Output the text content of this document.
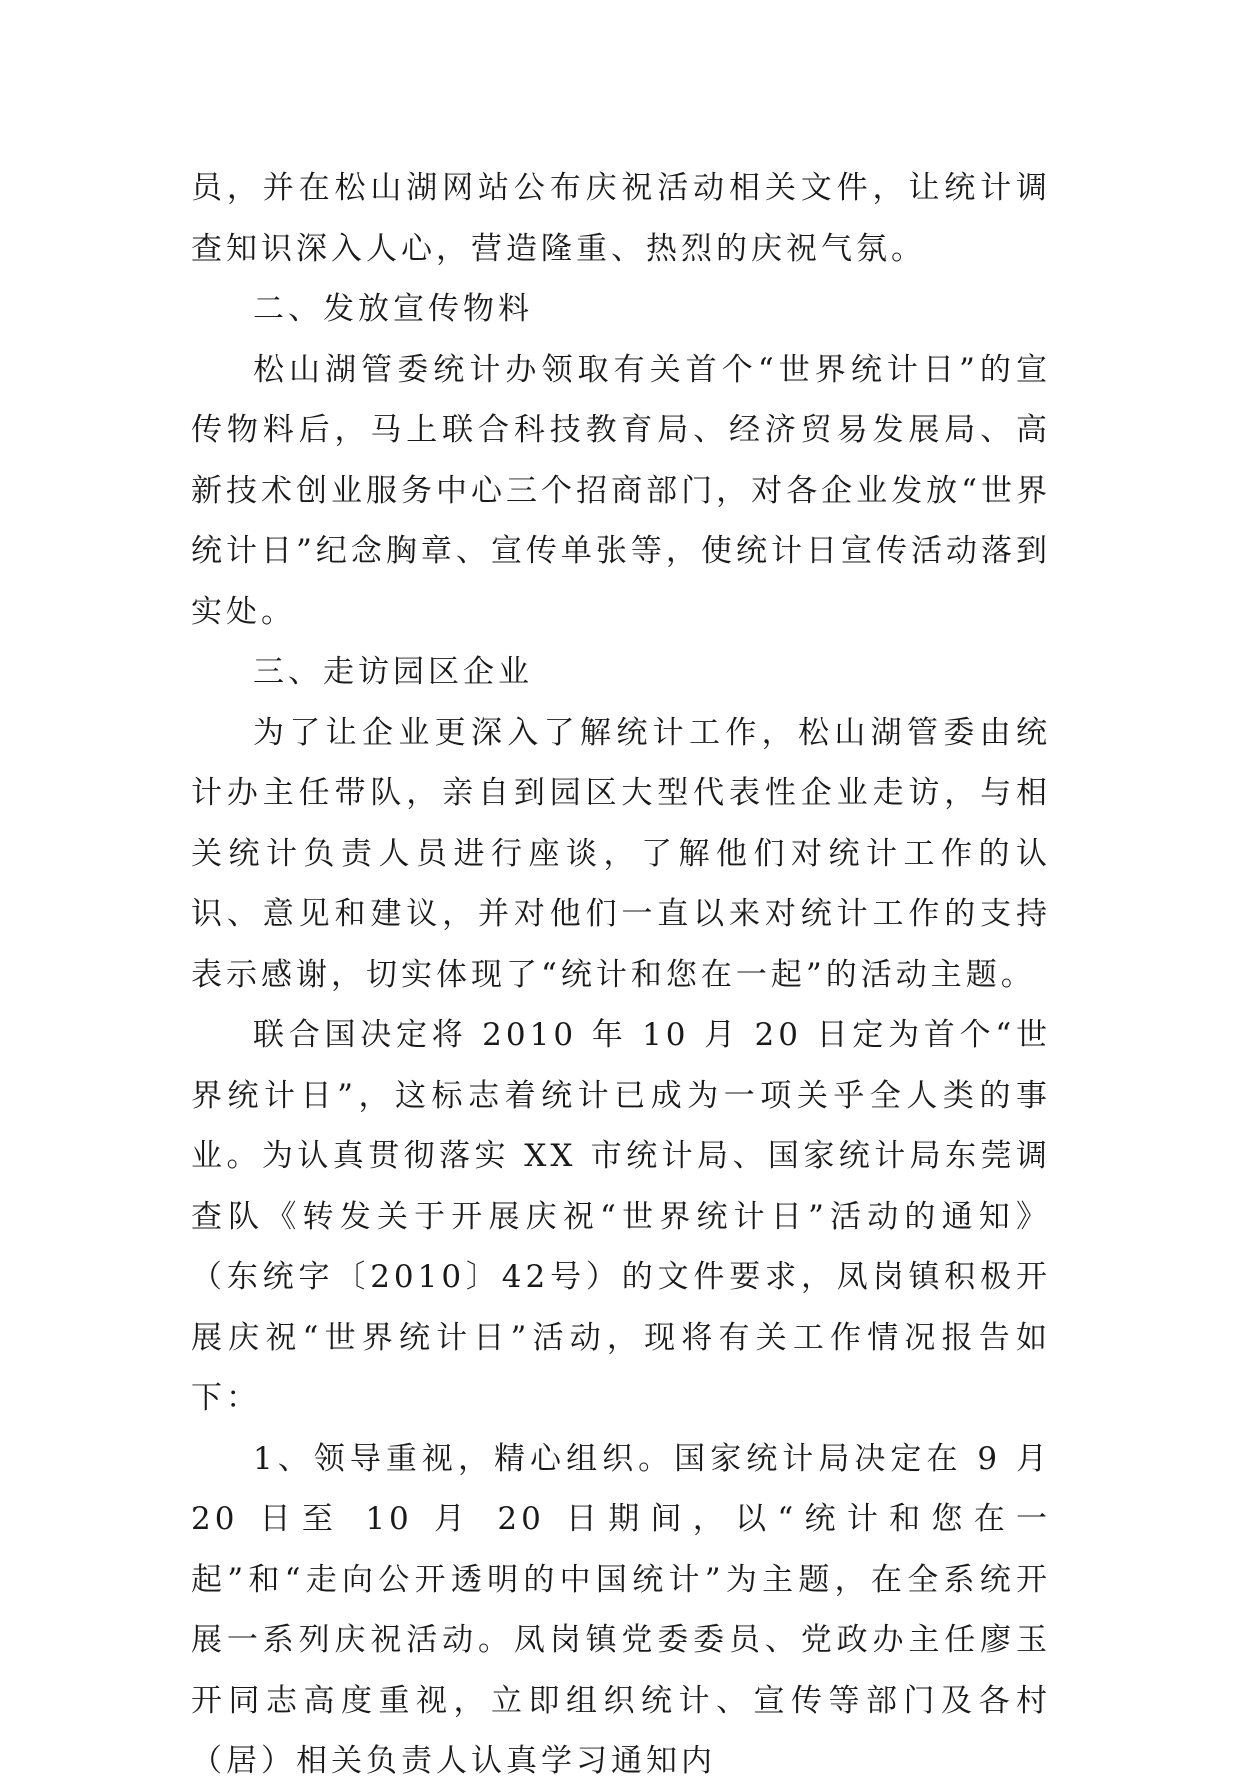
员，并在松山湖网站公布庆祝活动相关文件，让统计调查知识深入人心，营造隆重、热烈的庆祝气氛。

二、发放宣传物料

松山湖管委统计办领取有关首个“世界统计日”的宣传物料后，马上联合科技教育局、经济贸易发展局、高新技术创业服务中心三个招商部门，对各企业发放“世界统计日”纪念胸章、宣传单张等，使统计日宣传活动落到实处。

三、走访园区企业

为了让企业更深入了解统计工作，松山湖管委由统计办主任带队，亲自到园区大型代表性企业走访，与相关统计负责人员进行座谈，了解他们对统计工作的认识、意见和建议，并对他们一直以来对统计工作的支持表示感谢，切实体现了“统计和您在一起”的活动主题。

联合国决定将 2010 年 10 月 20 日定为首个“世界统计日”，这标志着统计已成为一项关乎全人类的事业。为认真贯彻落实 XX 市统计局、国家统计局东莞调查队《转发关于开展庆祝“世界统计日”活动的通知》（东统字〔2010〕42号）的文件要求，凤岗镇积极开展庆祝“世界统计日”活动，现将有关工作情况报告如下：

1、领导重视，精心组织。国家统计局决定在 9 月 20 日至 10 月 20 日期间，以“统计和您在一起”和“走向公开透明的中国统计”为主题，在全系统开展一系列庆祝活动。凤岗镇党委委员、党政办主任廖玉开同志高度重视，立即组织统计、宣传等部门及各村（居）相关负责人认真学习通知内
